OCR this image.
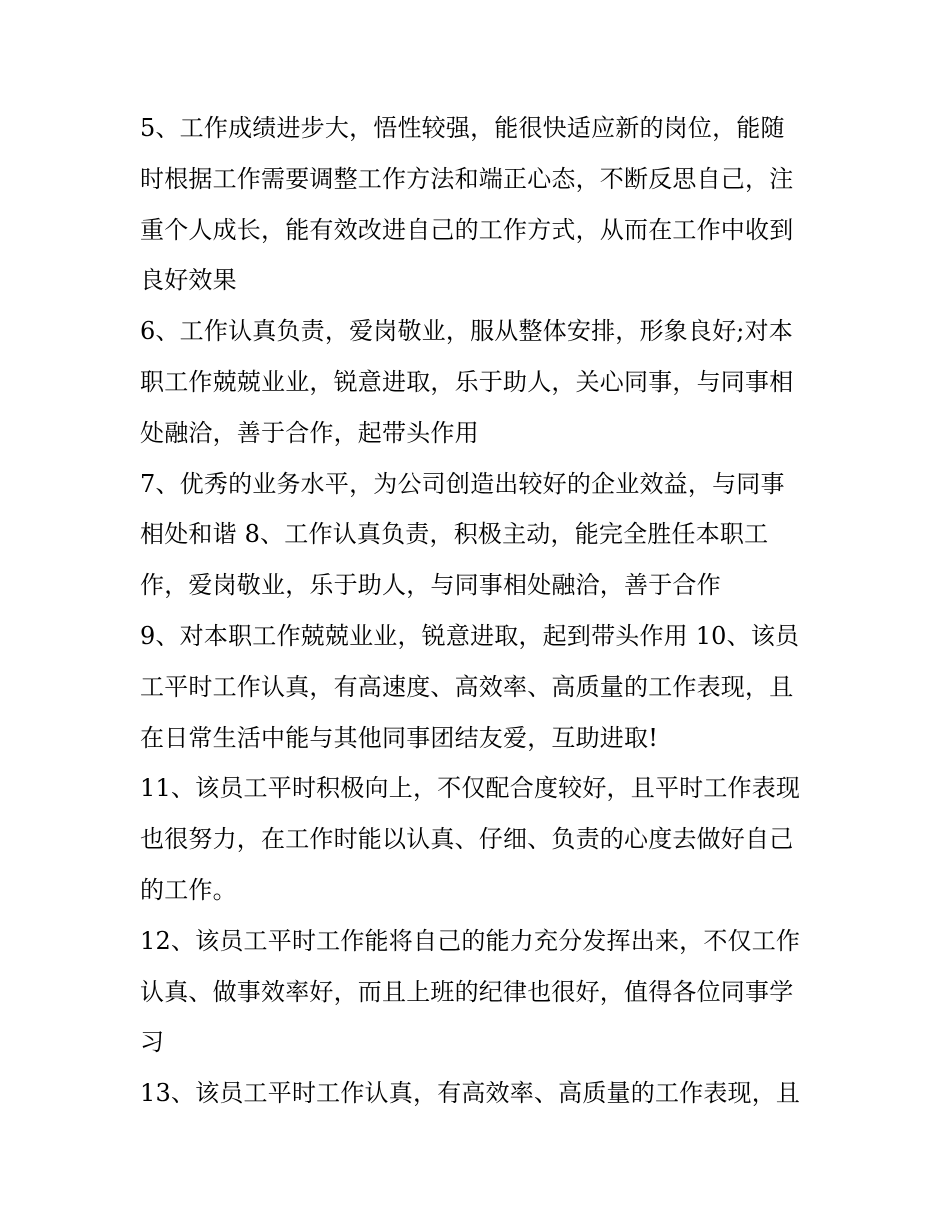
5、工作成绩进步大，悟性较强，能很快适应新的岗位，能随
时根据工作需要调整工作方法和端正心态，不断反思自己，注
重个人成长，能有效改进自己的工作方式，从而在工作中收到
良好效果
6、工作认真负责，爱岗敬业，服从整体安排，形象良好;对本
职工作兢兢业业，锐意进取，乐于助人，关心同事，与同事相
处融洽，善于合作，起带头作用
7、优秀的业务水平，为公司创造出较好的企业效益，与同事
相处和谐 8、工作认真负责，积极主动，能完全胜任本职工
作，爱岗敬业，乐于助人，与同事相处融洽，善于合作
9、对本职工作兢兢业业，锐意进取，起到带头作用 10、该员
工平时工作认真，有高速度、高效率、高质量的工作表现，且
在日常生活中能与其他同事团结友爱，互助进取!
11、该员工平时积极向上，不仅配合度较好，且平时工作表现
也很努力，在工作时能以认真、仔细、负责的心度去做好自己
的工作。
12、该员工平时工作能将自己的能力充分发挥出来，不仅工作
认真、做事效率好，而且上班的纪律也很好，值得各位同事学
习
13、该员工平时工作认真，有高效率、高质量的工作表现，且
